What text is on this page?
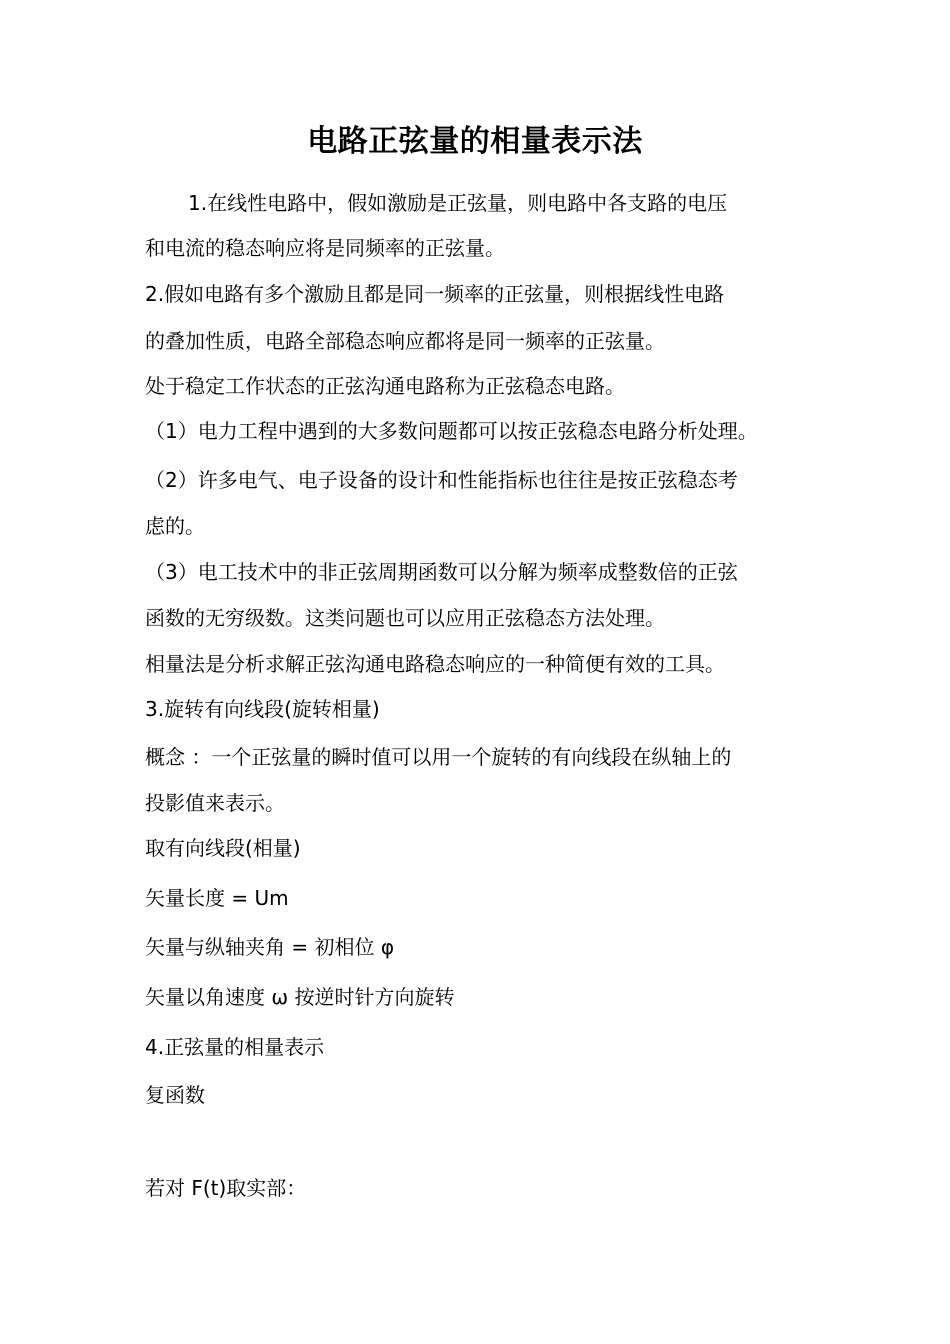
电路正弦量的相量表示法
1.在线性电路中，假如激励是正弦量，则电路中各支路的电压
和电流的稳态响应将是同频率的正弦量。
2.假如电路有多个激励且都是同一频率的正弦量，则根据线性电路
的叠加性质，电路全部稳态响应都将是同一频率的正弦量。
处于稳定工作状态的正弦沟通电路称为正弦稳态电路。
（1）电力工程中遇到的大多数问题都可以按正弦稳态电路分析处理。
（2）许多电气、电子设备的设计和性能指标也往往是按正弦稳态考
虑的。
（3）电工技术中的非正弦周期函数可以分解为频率成整数倍的正弦
函数的无穷级数。这类问题也可以应用正弦稳态方法处理。
相量法是分析求解正弦沟通电路稳态响应的一种简便有效的工具。
3.旋转有向线段(旋转相量)
概念 ：一个正弦量的瞬时值可以用一个旋转的有向线段在纵轴上的
投影值来表示。
取有向线段(相量)
矢量长度 = Um
矢量与纵轴夹角 = 初相位 φ
矢量以角速度 ω 按逆时针方向旋转
4.正弦量的相量表示
复函数
若对 F(t)取实部：
